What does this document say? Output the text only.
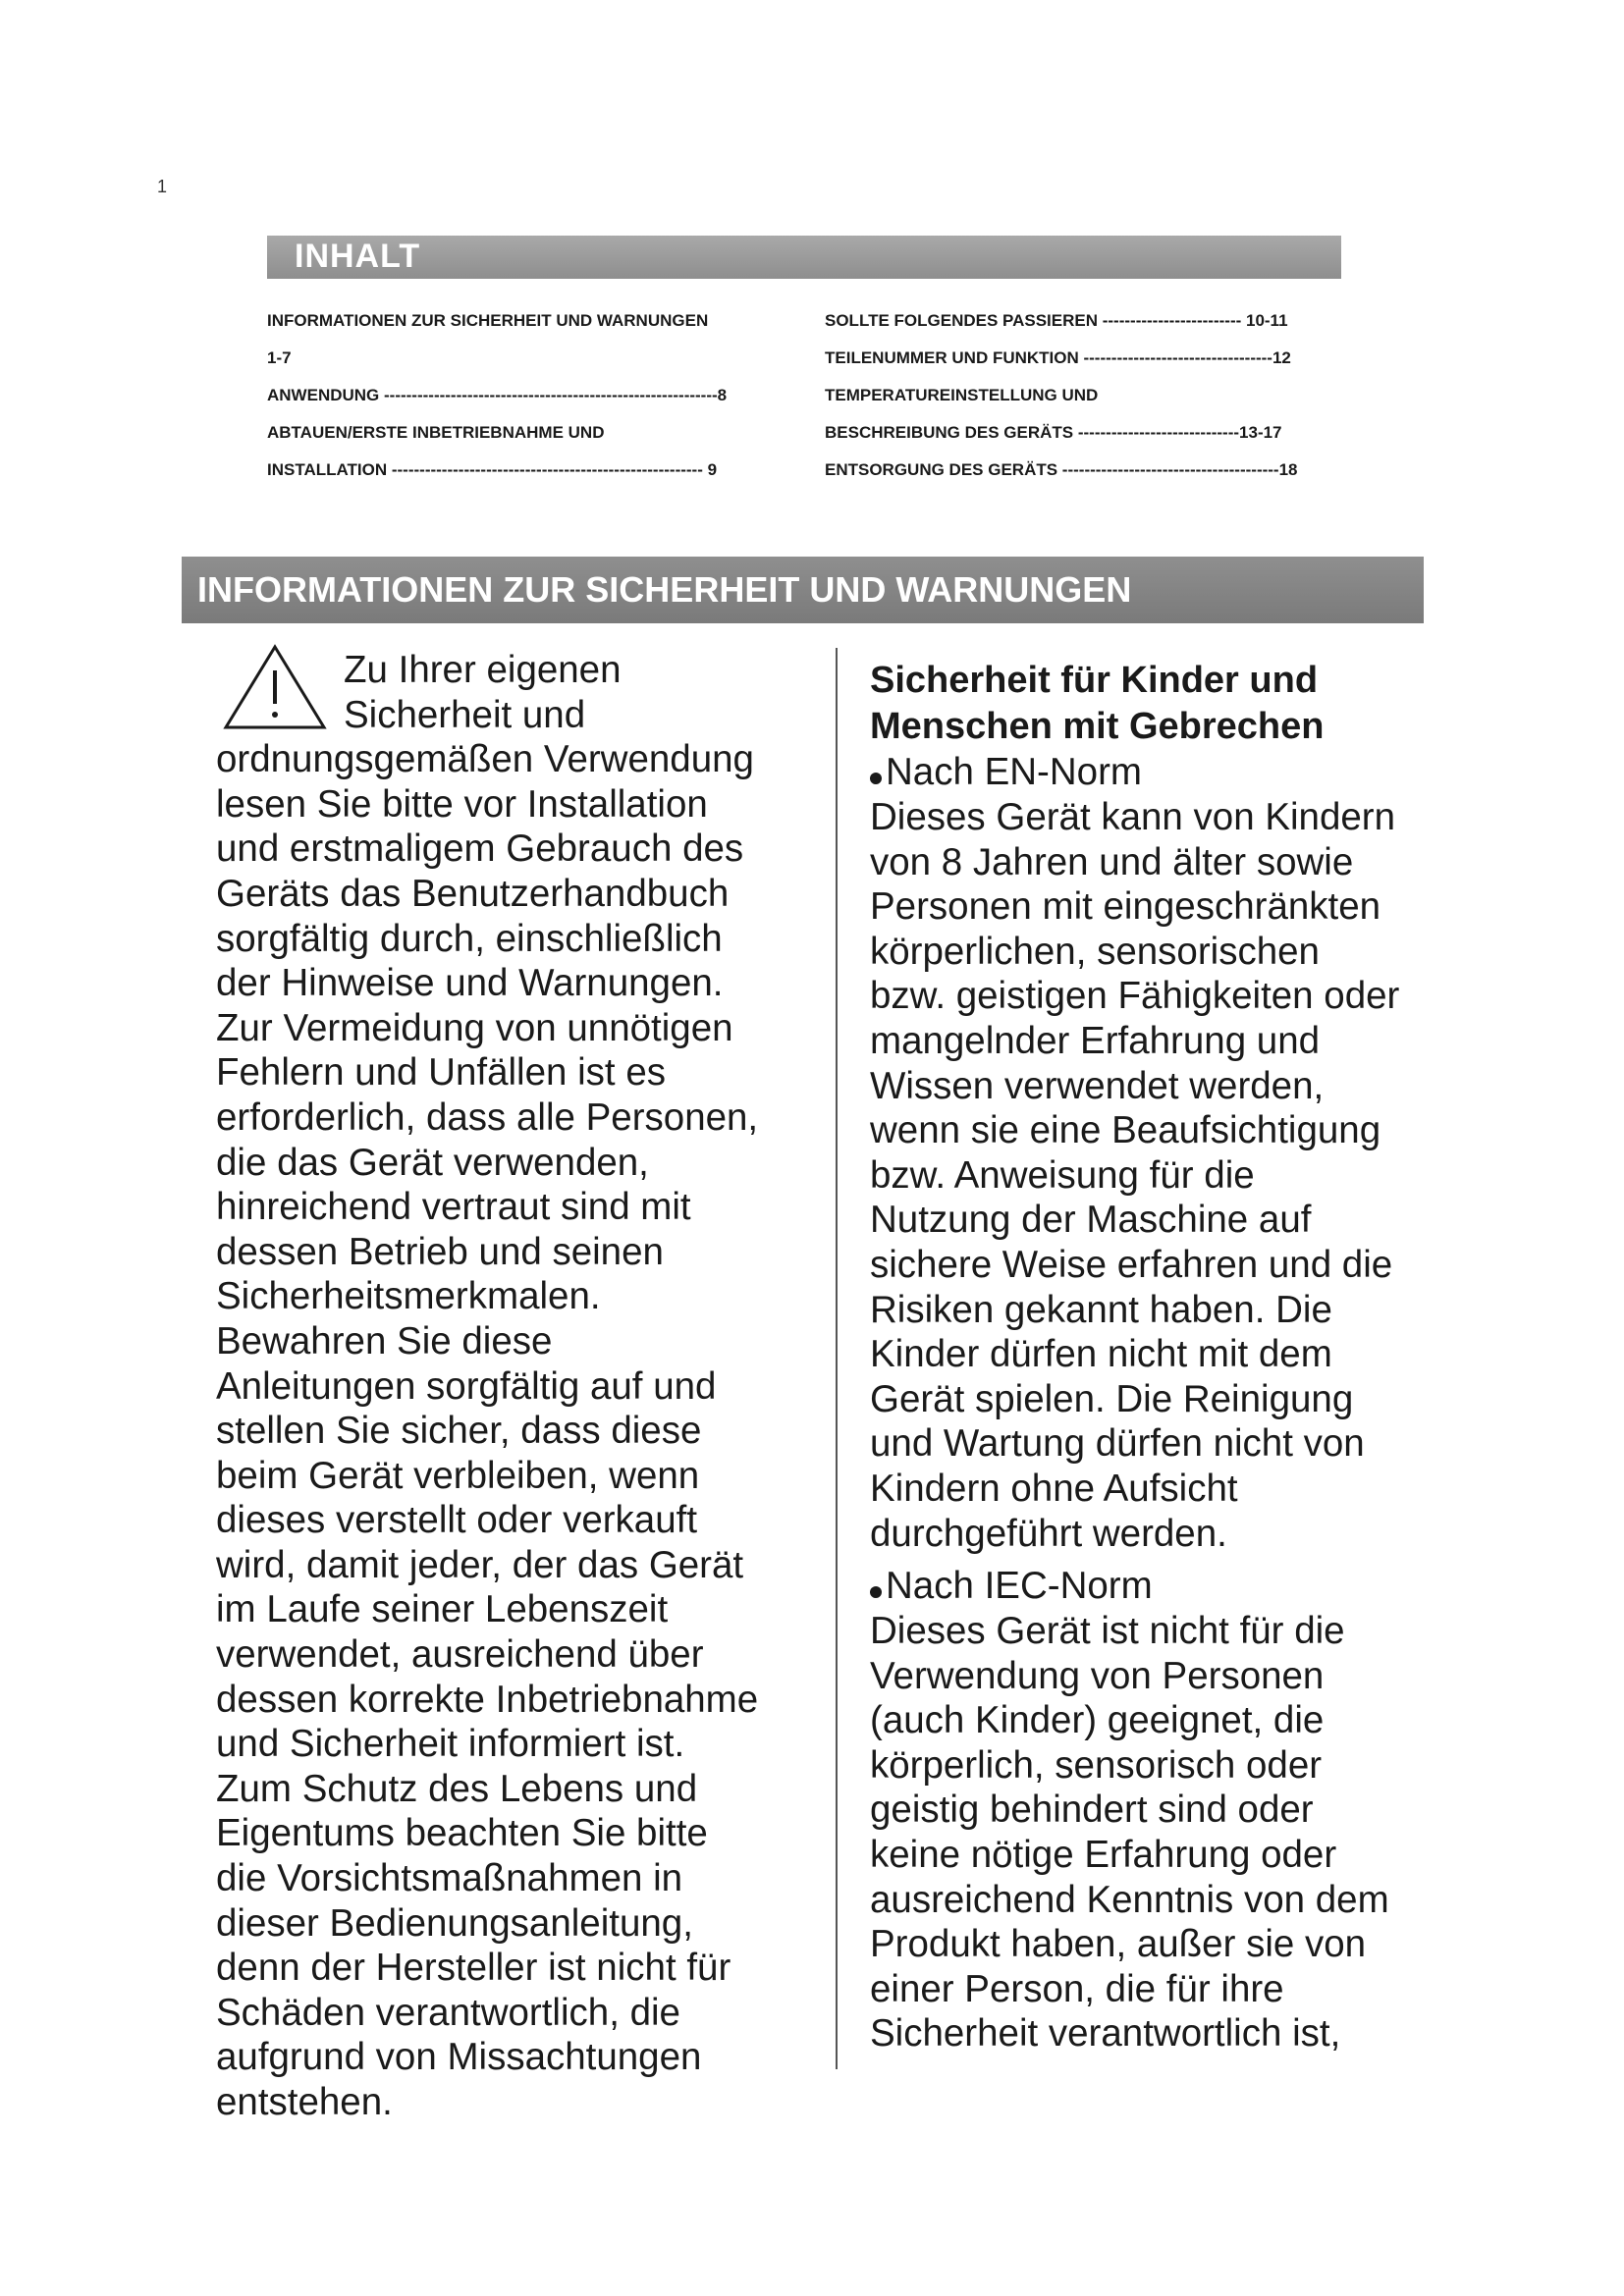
1
INHALT
INFORMATIONEN ZUR SICHERHEIT UND WARNUNGEN
1-7
ANWENDUNG ------------------------------------------------------------8
ABTAUEN/ERSTE INBETRIEBNAHME UND
INSTALLATION -------------------------------------------------------- 9
SOLLTE FOLGENDES PASSIEREN ------------------------- 10-11
TEILENUMMER UND FUNKTION ----------------------------------12
TEMPERATUREINSTELLUNG UND
BESCHREIBUNG DES GERÄTS -----------------------------13-17
ENTSORGUNG DES GERÄTS ---------------------------------------18
INFORMATIONEN ZUR SICHERHEIT UND WARNUNGEN
Zu Ihrer eigenen
Sicherheit und
ordnungsgemäßen Verwendung
lesen Sie bitte vor Installation
und erstmaligem Gebrauch des
Geräts das Benutzerhandbuch
sorgfältig durch, einschließlich
der Hinweise und Warnungen.
Zur Vermeidung von unnötigen
Fehlern und Unfällen ist es
erforderlich, dass alle Personen,
die das Gerät verwenden,
hinreichend vertraut sind mit
dessen Betrieb und seinen
Sicherheitsmerkmalen.
Bewahren Sie diese
Anleitungen sorgfältig auf und
stellen Sie sicher, dass diese
beim Gerät verbleiben, wenn
dieses verstellt oder verkauft
wird, damit jeder, der das Gerät
im Laufe seiner Lebenszeit
verwendet, ausreichend über
dessen korrekte Inbetriebnahme
und Sicherheit informiert ist.
Zum Schutz des Lebens und
Eigentums beachten Sie bitte
die Vorsichtsmaßnahmen in
dieser Bedienungsanleitung,
denn der Hersteller ist nicht für
Schäden verantwortlich, die
aufgrund von Missachtungen
entstehen.
Sicherheit für Kinder und
Menschen mit Gebrechen
Nach EN-Norm
Dieses Gerät kann von Kindern
von 8 Jahren und älter sowie
Personen mit eingeschränkten
körperlichen, sensorischen
bzw. geistigen Fähigkeiten oder
mangelnder Erfahrung und
Wissen verwendet werden,
wenn sie eine Beaufsichtigung
bzw. Anweisung für die
Nutzung der Maschine auf
sichere Weise erfahren und die
Risiken gekannt haben. Die
Kinder dürfen nicht mit dem
Gerät spielen. Die Reinigung
und Wartung dürfen nicht von
Kindern ohne Aufsicht
durchgeführt werden.
Nach IEC-Norm
Dieses Gerät ist nicht für die
Verwendung von Personen
(auch Kinder) geeignet, die
körperlich, sensorisch oder
geistig behindert sind oder
keine nötige Erfahrung oder
ausreichend Kenntnis von dem
Produkt haben, außer sie von
einer Person, die für ihre
Sicherheit verantwortlich ist,
